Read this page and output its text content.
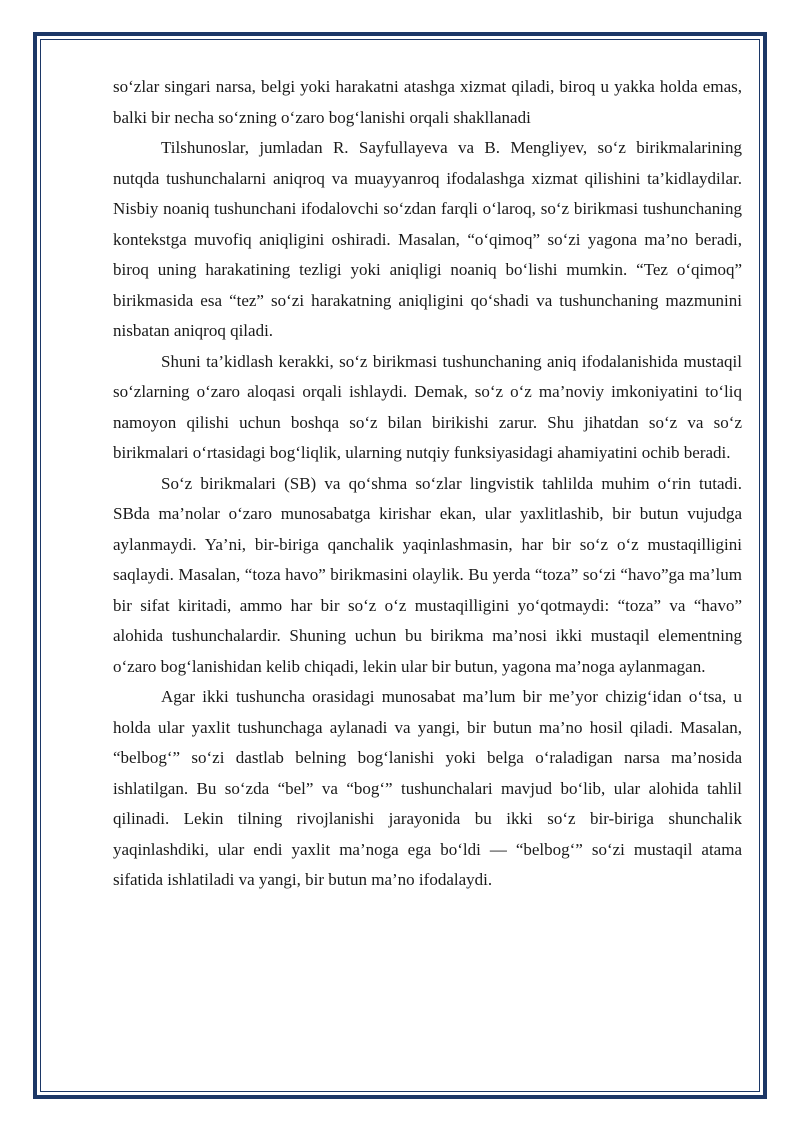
so‘zlar singari narsa, belgi yoki harakatni atashga xizmat qiladi, biroq u yakka holda emas, balki bir necha so‘zning o‘zaro bog‘lanishi orqali shakllanadi

Tilshunoslar, jumladan R. Sayfullayeva va B. Mengliyev, so‘z birikmalarining nutqda tushunchalarni aniqroq va muayyanroq ifodalashga xizmat qilishini ta’kidlaydilar. Nisbiy noaniq tushunchani ifodalovchi so‘zdan farqli o‘laroq, so‘z birikmasi tushunchaning kontekstga muvofiq aniqligini oshiradi. Masalan, “o‘qimoq” so‘zi yagona ma’no beradi, biroq uning harakatining tezligi yoki aniqligi noaniq bo‘lishi mumkin. “Tez o‘qimoq” birikmasida esa “tez” so‘zi harakatning aniqligini qo‘shadi va tushunchaning mazmunini nisbatan aniqroq qiladi.

Shuni ta’kidlash kerakki, so‘z birikmasi tushunchaning aniq ifodalanishida mustaqil so‘zlarning o‘zaro aloqasi orqali ishlaydi. Demak, so‘z o‘z ma’noviy imkoniyatini to‘liq namoyon qilishi uchun boshqa so‘z bilan birikishi zarur. Shu jihatdan so‘z va so‘z birikmalari o‘rtasidagi bog‘liqlik, ularning nutqiy funksiyasidagi ahamiyatini ochib beradi.

So‘z birikmalari (SB) va qo‘shma so‘zlar lingvistik tahlilda muhim o‘rin tutadi. SBda ma’nolar o‘zaro munosabatga kirishar ekan, ular yaxlitlashib, bir butun vujudga aylanmaydi. Ya’ni, bir-biriga qanchalik yaqinlashmasin, har bir so‘z o‘z mustaqilligini saqlaydi. Masalan, “toza havo” birikmasini olaylik. Bu yerda “toza” so‘zi “havo”ga ma’lum bir sifat kiritadi, ammo har bir so‘z o‘z mustaqilligini yo‘qotmaydi: “toza” va “havo” alohida tushunchalardir. Shuning uchun bu birikma ma’nosi ikki mustaqil elementning o‘zaro bog‘lanishidan kelib chiqadi, lekin ular bir butun, yagona ma’noga aylanmagan.

Agar ikki tushuncha orasidagi munosabat ma’lum bir me’yor chizig‘idan o‘tsa, u holda ular yaxlit tushunchaga aylanadi va yangi, bir butun ma’no hosil qiladi. Masalan, “belbog‘” so‘zi dastlab belning bog‘lanishi yoki belga o‘raladigan narsa ma’nosida ishlatilgan. Bu so‘zda “bel” va “bog‘” tushunchalari mavjud bo‘lib, ular alohida tahlil qilinadi. Lekin tilning rivojlanishi jarayonida bu ikki so‘z bir-biriga shunchalik yaqinlashdiki, ular endi yaxlit ma’noga ega bo‘ldi — “belbog‘” so‘zi mustaqil atama sifatida ishlatiladi va yangi, bir butun ma’no ifodalaydi.
